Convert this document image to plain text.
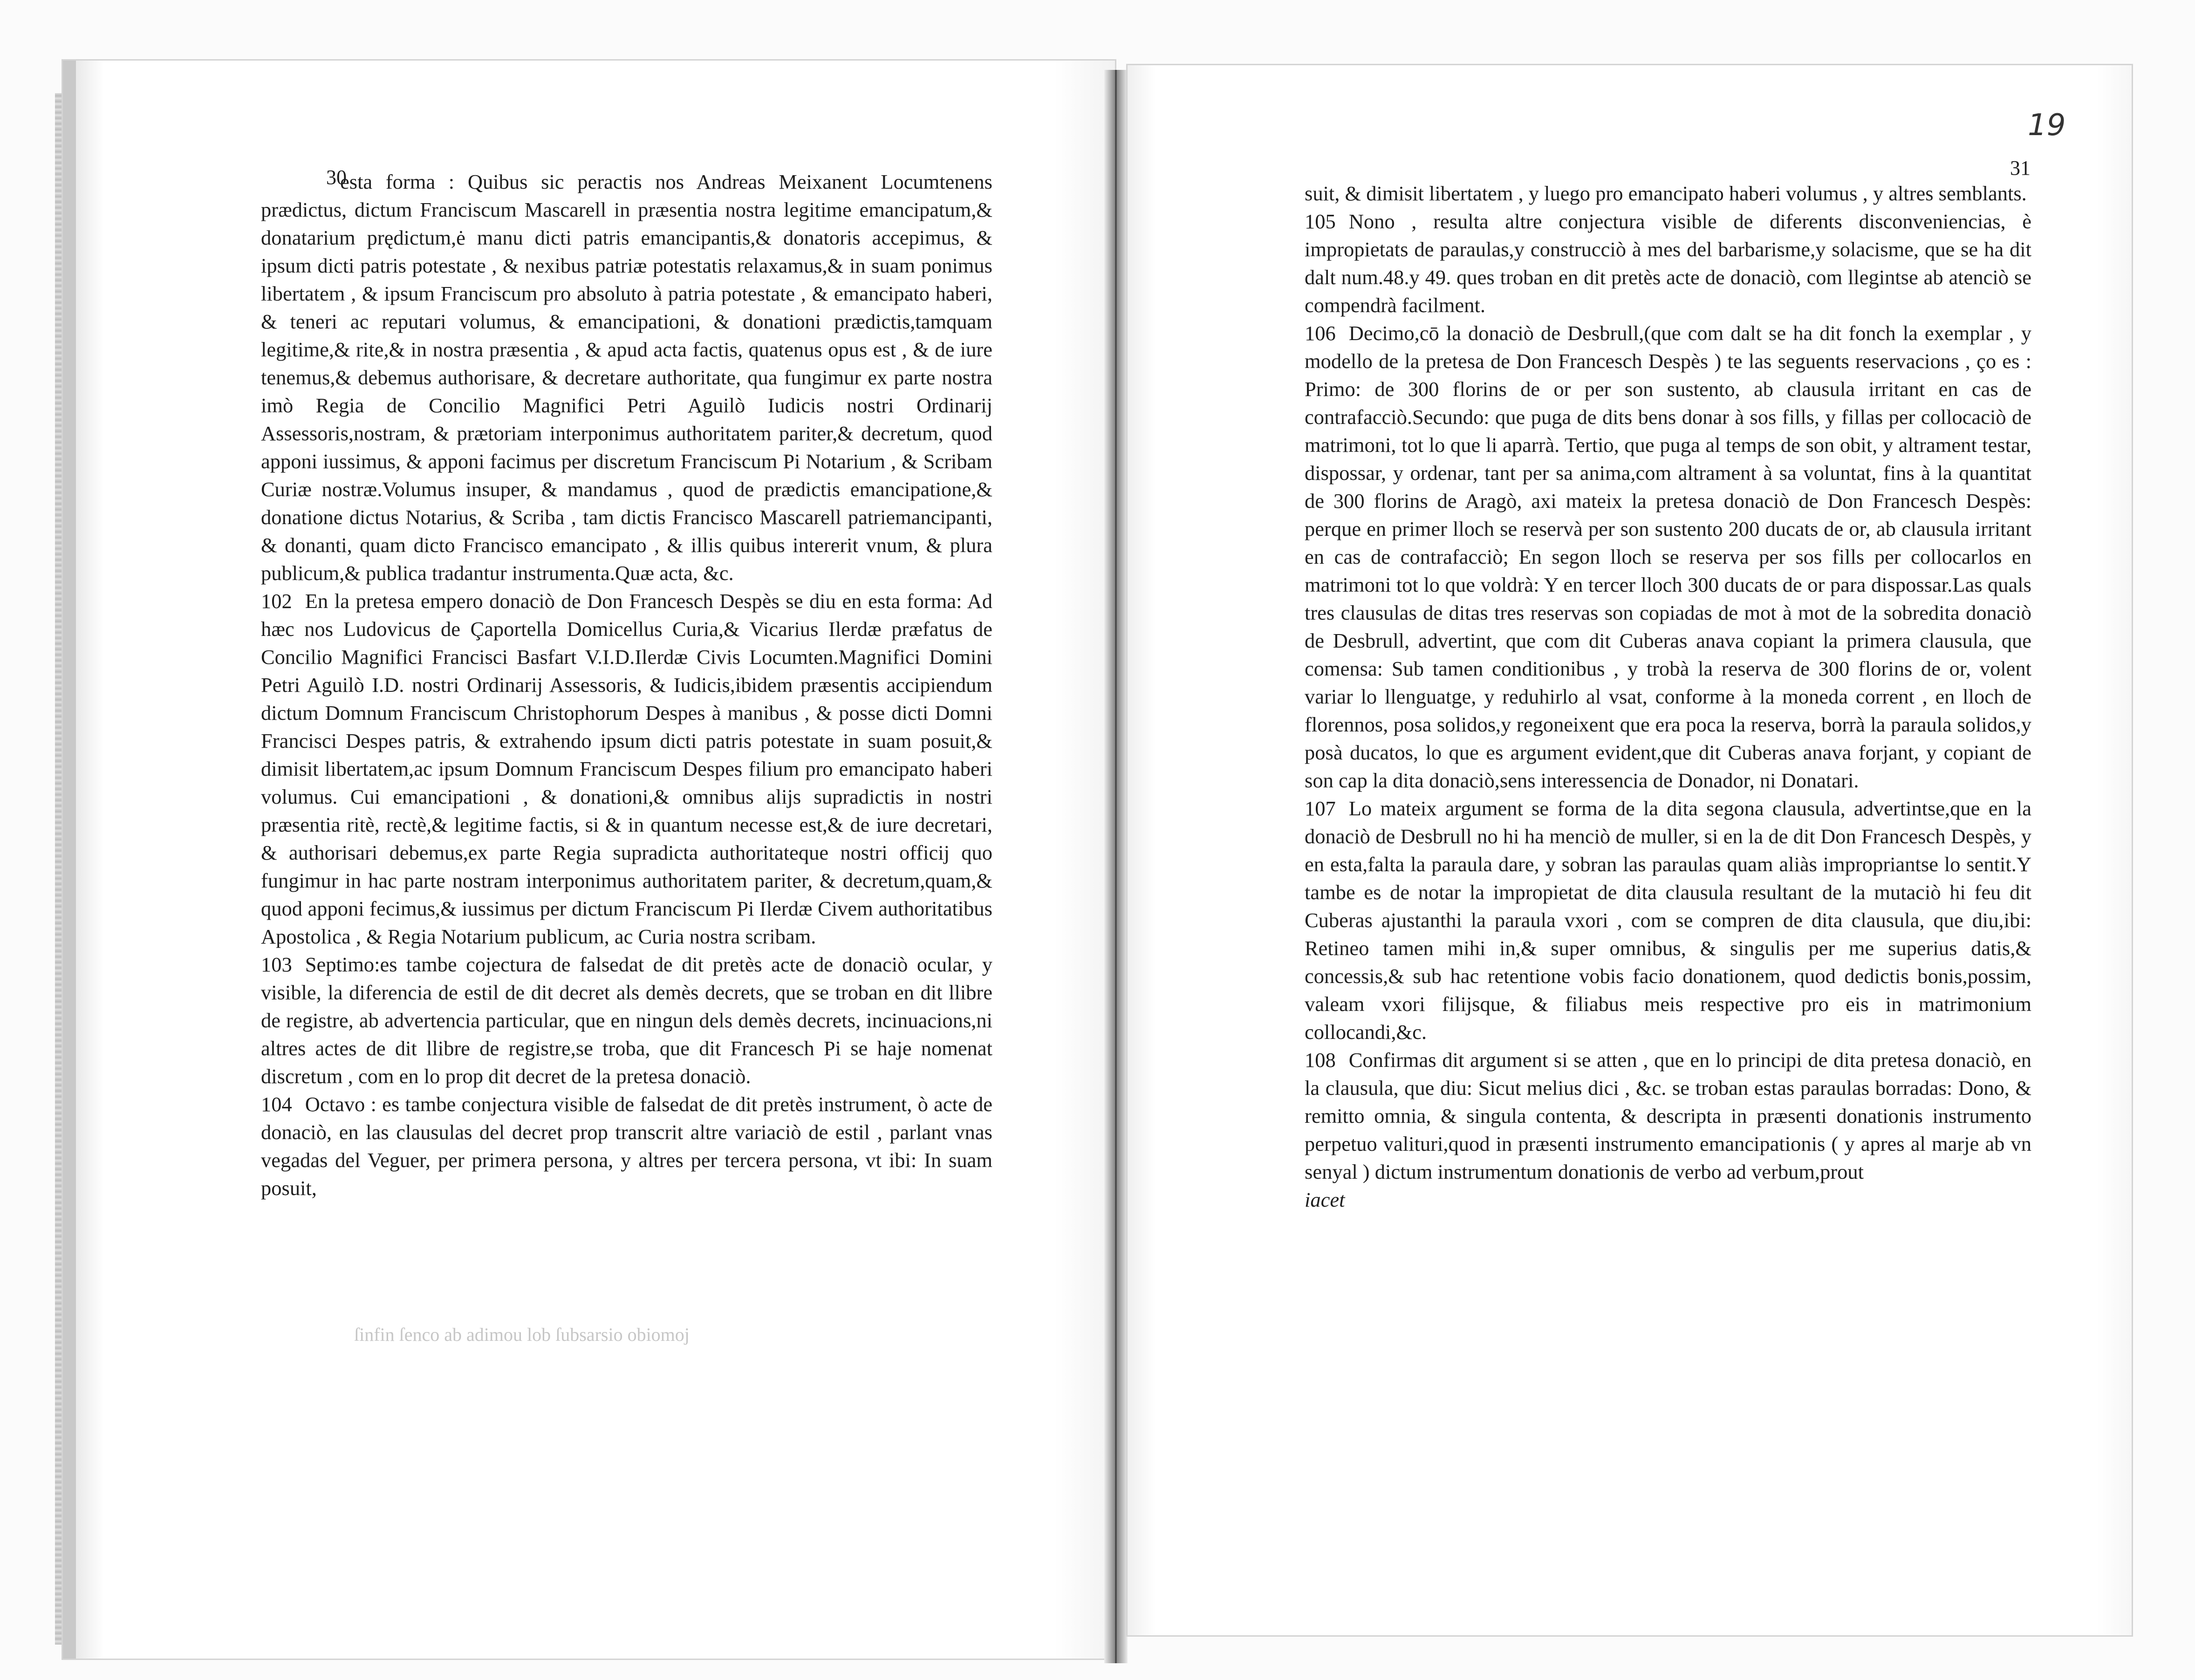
19
30	31

esta forma : Quibus sic peractis nos Andreas Meixanent Locumtenens prædictus, dictum Franciscum Mascarell in præsentia nostra legitime emancipatum,& donatarium prędictum,ė manu dicti patris emancipantis,& donatoris accepimus, & ipsum dicti patris potestate , & nexibus patriæ potestatis relaxamus,& in suam ponimus libertatem , & ipsum Franciscum pro absoluto à patria potestate , & emancipato haberi, & teneri ac reputari volumus, & emancipationi, & donationi prædictis,tamquam legitime,& rite,& in nostra præsentia , & apud acta factis, quatenus opus est , & de iure tenemus,& debemus authorisare, & decretare authoritate, qua fungimur ex parte nostra imò Regia de Concilio Magnifici Petri Aguilò Iudicis nostri Ordinarij Assessoris,nostram, & prætoriam interponimus authoritatem pariter,& decretum, quod apponi iussimus, & apponi facimus per discretum Franciscum Pi Notarium , & Scribam Curiæ nostræ.Volumus insuper, & mandamus , quod de prædictis emancipatione,& donatione dictus Notarius, & Scriba , tam dictis Francisco Mascarell patriemancipanti, & donanti, quam dicto Francisco emancipato , & illis quibus intererit vnum, & plura publicum,& publica tradantur instrumenta.Quæ acta, &c.

102 En la pretesa empero donaciò de Don Francesch Despès se diu en esta forma: Ad hæc nos Ludovicus de Çaportella Domicellus Curia,& Vicarius Ilerdæ præfatus de Concilio Magnifici Francisci Basfart V.I.D.Ilerdæ Civis Locumten.Magnifici Domini Petri Aguilò I.D. nostri Ordinarij Assessoris, & Iudicis,ibidem præsentis accipiendum dictum Domnum Franciscum Christophorum Despes à manibus , & posse dicti Domni Francisci Despes patris, & extrahendo ipsum dicti patris potestate in suam posuit,& dimisit libertatem,ac ipsum Domnum Franciscum Despes filium pro emancipato haberi volumus. Cui emancipationi , & donationi,& omnibus alijs supradictis in nostri præsentia ritè, rectè,& legitime factis, si & in quantum necesse est,& de iure decretari, & authorisari debemus,ex parte Regia supradicta authoritateque nostri officij quo fungimur in hac parte nostram interponimus authoritatem pariter, & decretum,quam,& quod apponi fecimus,& iussimus per dictum Franciscum Pi Ilerdæ Civem authoritatibus Apostolica , & Regia Notarium publicum, ac Curia nostra scribam.

103 Septimo:es tambe cojectura de falsedat de dit pretès acte de donaciò ocular, y visible, la diferencia de estil de dit decret als demès decrets, que se troban en dit llibre de registre, ab advertencia particular, que en ningun dels demès decrets, incinuacions,ni altres actes de dit llibre de registre,se troba, que dit Francesch Pi se haje nomenat discretum , com en lo prop dit decret de la pretesa donaciò.

104 Octavo : es tambe conjectura visible de falsedat de dit pretès instrument, ò acte de donaciò, en las clausulas del decret prop transcrit altre variaciò de estil , parlant vnas vegadas del Veguer, per primera persona, y altres per tercera persona, vt ibi: In suam posuit,

suit, & dimisit libertatem , y luego pro emancipato haberi volumus , y altres semblants.

105 Nono , resulta altre conjectura visible de diferents disconveniencias, è impropietats de paraulas,y construcciò à mes del barbarisme,y solacisme, que se ha dit dalt num.48.y 49. ques troban en dit pretès acte de donaciò, com llegintse ab atenciò se compendrà facilment.

106 Decimo,cō la donaciò de Desbrull,(que com dalt se ha dit fonch la exemplar , y modello de la pretesa de Don Francesch Despès ) te las seguents reservacions , ço es : Primo: de 300 florins de or per son sustento, ab clausula irritant en cas de contrafacciò.Secundo: que puga de dits bens donar à sos fills, y fillas per collocaciò de matrimoni, tot lo que li aparrà. Tertio, que puga al temps de son obit, y altrament testar, dispossar, y ordenar, tant per sa anima,com altrament à sa voluntat, fins à la quantitat de 300 florins de Aragò, axi mateix la pretesa donaciò de Don Francesch Despès: perque en primer lloch se reservà per son sustento 200 ducats de or, ab clausula irritant en cas de contrafacciò; En segon lloch se reserva per sos fills per collocarlos en matrimoni tot lo que voldrà: Y en tercer lloch 300 ducats de or para dispossar.Las quals tres clausulas de ditas tres reservas son copiadas de mot à mot de la sobredita donaciò de Desbrull, advertint, que com dit Cuberas anava copiant la primera clausula, que comensa: Sub tamen conditionibus , y trobà la reserva de 300 florins de or, volent variar lo llenguatge, y reduhirlo al vsat, conforme à la moneda corrent , en lloch de florennos, posa solidos,y regoneixent que era poca la reserva, borrà la paraula solidos,y posà ducatos, lo que es argument evident,que dit Cuberas anava forjant, y copiant de son cap la dita donaciò,sens interessencia de Donador, ni Donatari.

107 Lo mateix argument se forma de la dita segona clausula, advertintse,que en la donaciò de Desbrull no hi ha menciò de muller, si en la de dit Don Francesch Despès, y en esta,falta la paraula dare, y sobran las paraulas quam aliàs impropriantse lo sentit.Y tambe es de notar la impropietat de dita clausula resultant de la mutaciò hi feu dit Cuberas ajustanthi la paraula vxori , com se compren de dita clausula, que diu,ibi: Retineo tamen mihi in,& super omnibus, & singulis per me superius datis,& concessis,& sub hac retentione vobis facio donationem, quod dedictis bonis,possim, valeam vxori filijsque, & filiabus meis respective pro eis in matrimonium collocandi,&c.

108 Confirmas dit argument si se atten , que en lo principi de dita pretesa donaciò, en la clausula, que diu: Sicut melius dici , &c. se troban estas paraulas borradas: Dono, & remitto omnia, & singula contenta, & descripta in præsenti donationis instrumento perpetuo valituri,quod in præsenti instrumento emancipationis ( y apres al marje ab vn senyal ) dictum instrumentum donationis de verbo ad verbum,prout

iacet
